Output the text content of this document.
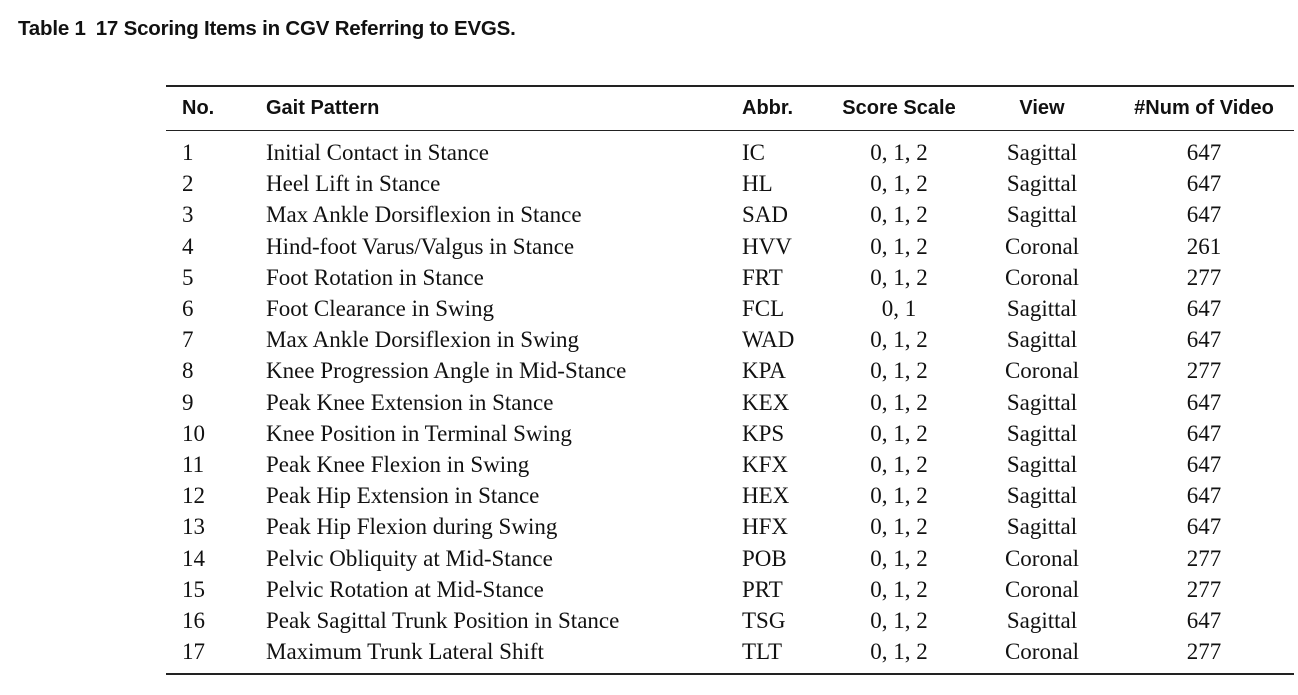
Table 1 17 Scoring Items in CGV Referring to EVGS.
No.	Gait Pattern	Abbr.	Score Scale	View	#Num of Video
1	Initial Contact in Stance	IC	0, 1, 2	Sagittal	647
2	Heel Lift in Stance	HL	0, 1, 2	Sagittal	647
3	Max Ankle Dorsiflexion in Stance	SAD	0, 1, 2	Sagittal	647
4	Hind-foot Varus/Valgus in Stance	HVV	0, 1, 2	Coronal	261
5	Foot Rotation in Stance	FRT	0, 1, 2	Coronal	277
6	Foot Clearance in Swing	FCL	0, 1	Sagittal	647
7	Max Ankle Dorsiflexion in Swing	WAD	0, 1, 2	Sagittal	647
8	Knee Progression Angle in Mid-Stance	KPA	0, 1, 2	Coronal	277
9	Peak Knee Extension in Stance	KEX	0, 1, 2	Sagittal	647
10	Knee Position in Terminal Swing	KPS	0, 1, 2	Sagittal	647
11	Peak Knee Flexion in Swing	KFX	0, 1, 2	Sagittal	647
12	Peak Hip Extension in Stance	HEX	0, 1, 2	Sagittal	647
13	Peak Hip Flexion during Swing	HFX	0, 1, 2	Sagittal	647
14	Pelvic Obliquity at Mid-Stance	POB	0, 1, 2	Coronal	277
15	Pelvic Rotation at Mid-Stance	PRT	0, 1, 2	Coronal	277
16	Peak Sagittal Trunk Position in Stance	TSG	0, 1, 2	Sagittal	647
17	Maximum Trunk Lateral Shift	TLT	0, 1, 2	Coronal	277
